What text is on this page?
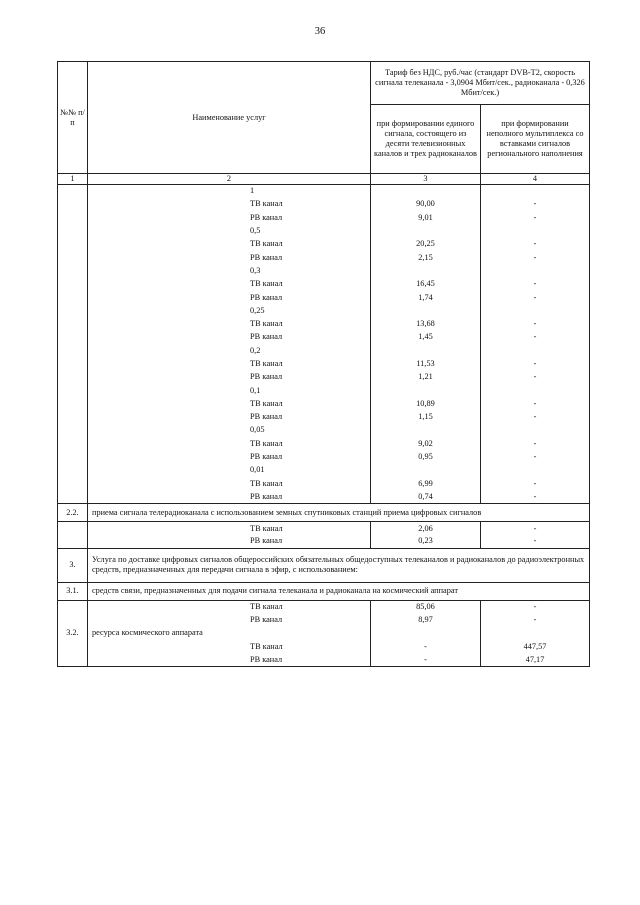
36
№№ п/п	Наименование услуг	Тариф без НДС, руб./час (стандарт DVB-T2, скорость сигнала телеканала - 3,0904 Мбит/сек., радиоканала - 0,326 Мбит/сек.)	
		при формировании единого сигнала, состоящего из десяти телевизионных каналов и трех радиоканалов	при формировании неполного мультиплекса со вставками сигналов регионального наполнения
1	2	3	4
	1		
	ТВ канал	90,00	-
	РВ канал	9,01	-
	0,5		
	ТВ канал	20,25	-
	РВ канал	2,15	-
	0,3		
	ТВ канал	16,45	-
	РВ канал	1,74	-
	0,25		
	ТВ канал	13,68	-
	РВ канал	1,45	-
	0,2		
	ТВ канал	11,53	-
	РВ канал	1,21	-
	0,1		
	ТВ канал	10,89	-
	РВ канал	1,15	-
	0,05		
	ТВ канал	9,02	-
	РВ канал	0,95	-
	0,01		
	ТВ канал	6,99	-
	РВ канал	0,74	-
2.2.	приема сигнала телерадиоканала с использованием земных спутниковых станций приема цифровых сигналов		
	ТВ канал	2,06	-
	РВ канал	0,23	-
3.	Услуга по доставке цифровых сигналов общероссийских обязательных общедоступных телеканалов и радиоканалов до радиоэлектронных средств, предназначенных для передачи сигнала в эфир, с использованием:		
3.1.	средств связи, предназначенных для подачи сигнала телеканала и радиоканала на космический аппарат		
	ТВ канал	85,06	-
	РВ канал	8,97	-
3.2.	ресурса космического аппарата		
	ТВ канал	-	447,57
	РВ канал	-	47,17
